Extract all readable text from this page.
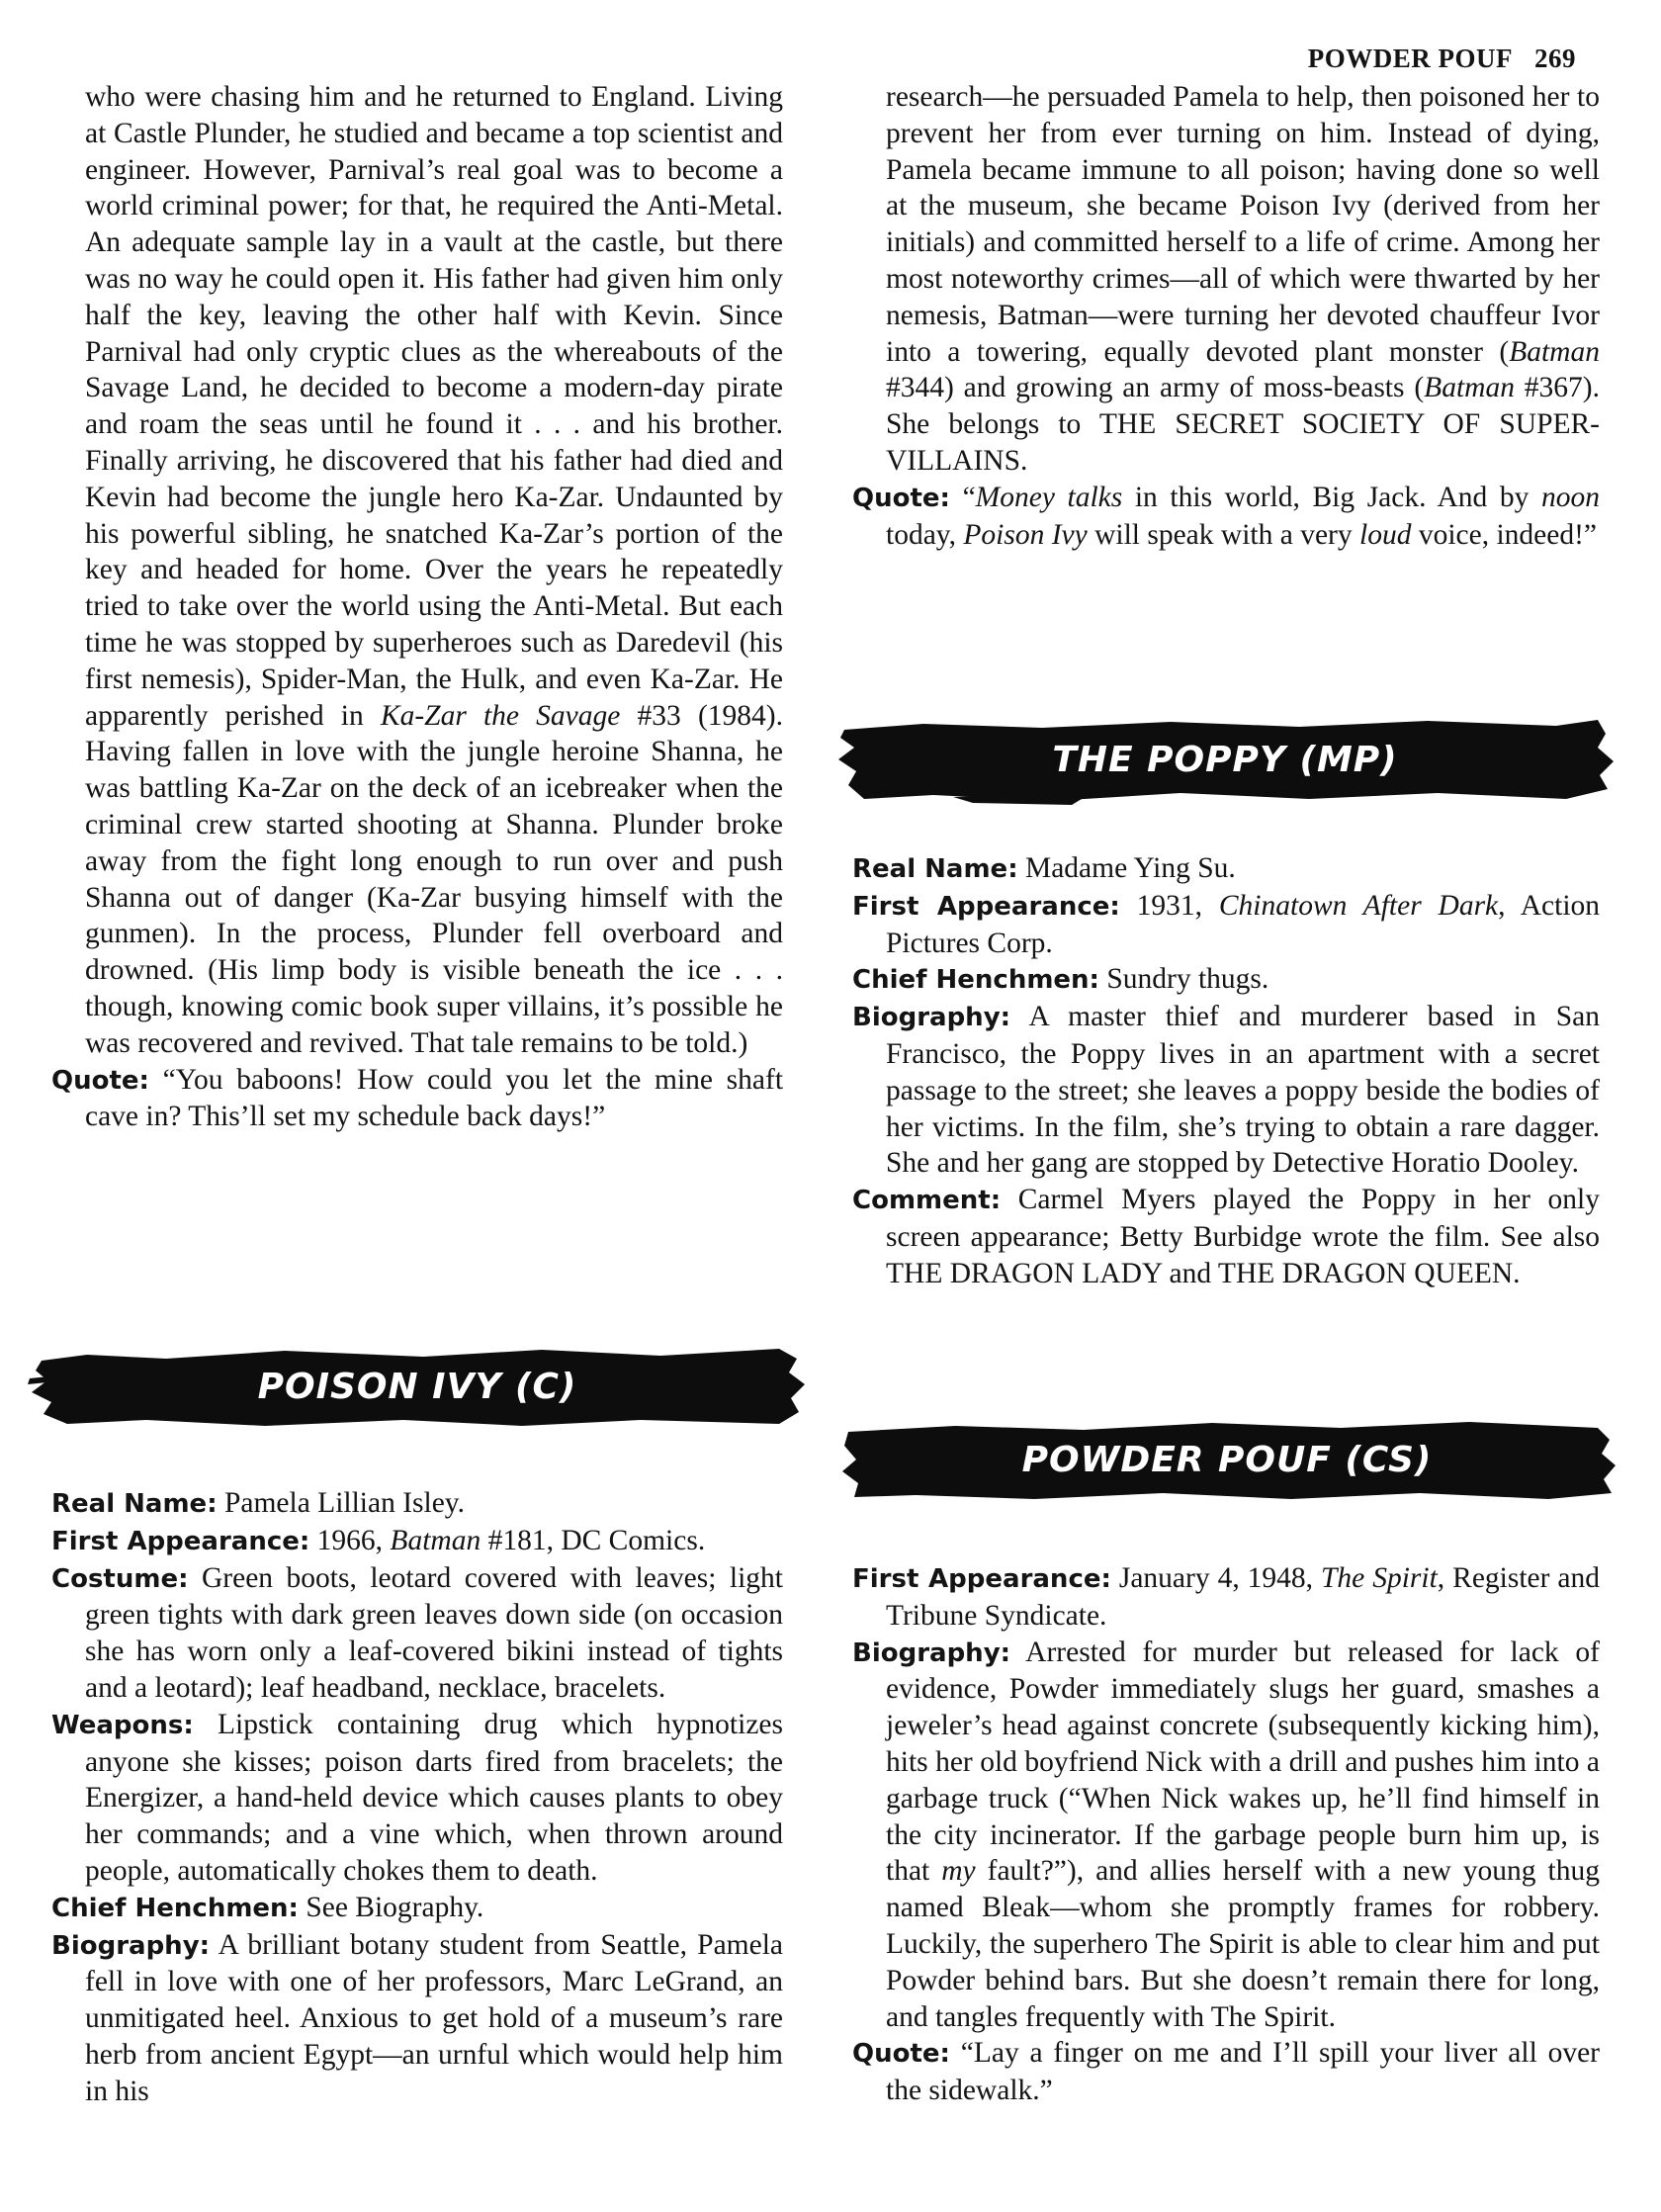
POWDER POUF 269

who were chasing him and he returned to England. Living at Castle Plunder, he studied and became a top scientist and engineer. However, Parnival’s real goal was to become a world criminal power; for that, he required the Anti-Metal. An adequate sample lay in a vault at the castle, but there was no way he could open it. His father had given him only half the key, leaving the other half with Kevin. Since Parnival had only cryptic clues as the whereabouts of the Savage Land, he decided to become a modern-day pirate and roam the seas until he found it . . . and his brother. Finally arriving, he discovered that his father had died and Kevin had become the jungle hero Ka-Zar. Undaunted by his powerful sibling, he snatched Ka-Zar’s portion of the key and headed for home. Over the years he repeatedly tried to take over the world using the Anti-Metal. But each time he was stopped by superheroes such as Daredevil (his first nemesis), Spider-Man, the Hulk, and even Ka-Zar. He apparently perished in Ka-Zar the Savage #33 (1984). Having fallen in love with the jungle heroine Shanna, he was battling Ka-Zar on the deck of an icebreaker when the criminal crew started shooting at Shanna. Plunder broke away from the fight long enough to run over and push Shanna out of danger (Ka-Zar busying himself with the gunmen). In the process, Plunder fell overboard and drowned. (His limp body is visible beneath the ice . . . though, knowing comic book super villains, it’s possible he was recovered and revived. That tale remains to be told.)

Quote: “You baboons! How could you let the mine shaft cave in? This’ll set my schedule back days!”

POISON IVY (C)

Real Name: Pamela Lillian Isley.

First Appearance: 1966, Batman #181, DC Comics.

Costume: Green boots, leotard covered with leaves; light green tights with dark green leaves down side (on occasion she has worn only a leaf-covered bikini instead of tights and a leotard); leaf headband, necklace, bracelets.

Weapons: Lipstick containing drug which hypnotizes anyone she kisses; poison darts fired from bracelets; the Energizer, a hand-held device which causes plants to obey her commands; and a vine which, when thrown around people, automatically chokes them to death.

Chief Henchmen: See Biography.

Biography: A brilliant botany student from Seattle, Pamela fell in love with one of her professors, Marc LeGrand, an unmitigated heel. Anxious to get hold of a museum’s rare herb from ancient Egypt—an urnful which would help him in his

research—he persuaded Pamela to help, then poisoned her to prevent her from ever turning on him. Instead of dying, Pamela became immune to all poison; having done so well at the museum, she became Poison Ivy (derived from her initials) and committed herself to a life of crime. Among her most noteworthy crimes—all of which were thwarted by her nemesis, Batman—were turning her devoted chauffeur Ivor into a towering, equally devoted plant monster (Batman #344) and growing an army of moss-beasts (Batman #367). She belongs to THE SECRET SOCIETY OF SUPER-VILLAINS.

Quote: “Money talks in this world, Big Jack. And by noon today, Poison Ivy will speak with a very loud voice, indeed!”

THE POPPY (MP)

Real Name: Madame Ying Su.

First Appearance: 1931, Chinatown After Dark, Action Pictures Corp.

Chief Henchmen: Sundry thugs.

Biography: A master thief and murderer based in San Francisco, the Poppy lives in an apartment with a secret passage to the street; she leaves a poppy beside the bodies of her victims. In the film, she’s trying to obtain a rare dagger. She and her gang are stopped by Detective Horatio Dooley.

Comment: Carmel Myers played the Poppy in her only screen appearance; Betty Burbidge wrote the film. See also THE DRAGON LADY and THE DRAGON QUEEN.

POWDER POUF (CS)

First Appearance: January 4, 1948, The Spirit, Register and Tribune Syndicate.

Biography: Arrested for murder but released for lack of evidence, Powder immediately slugs her guard, smashes a jeweler’s head against concrete (subsequently kicking him), hits her old boyfriend Nick with a drill and pushes him into a garbage truck (“When Nick wakes up, he’ll find himself in the city incinerator. If the garbage people burn him up, is that my fault?”), and allies herself with a new young thug named Bleak—whom she promptly frames for robbery. Luckily, the superhero The Spirit is able to clear him and put Powder behind bars. But she doesn’t remain there for long, and tangles frequently with The Spirit.

Quote: “Lay a finger on me and I’ll spill your liver all over the sidewalk.”
